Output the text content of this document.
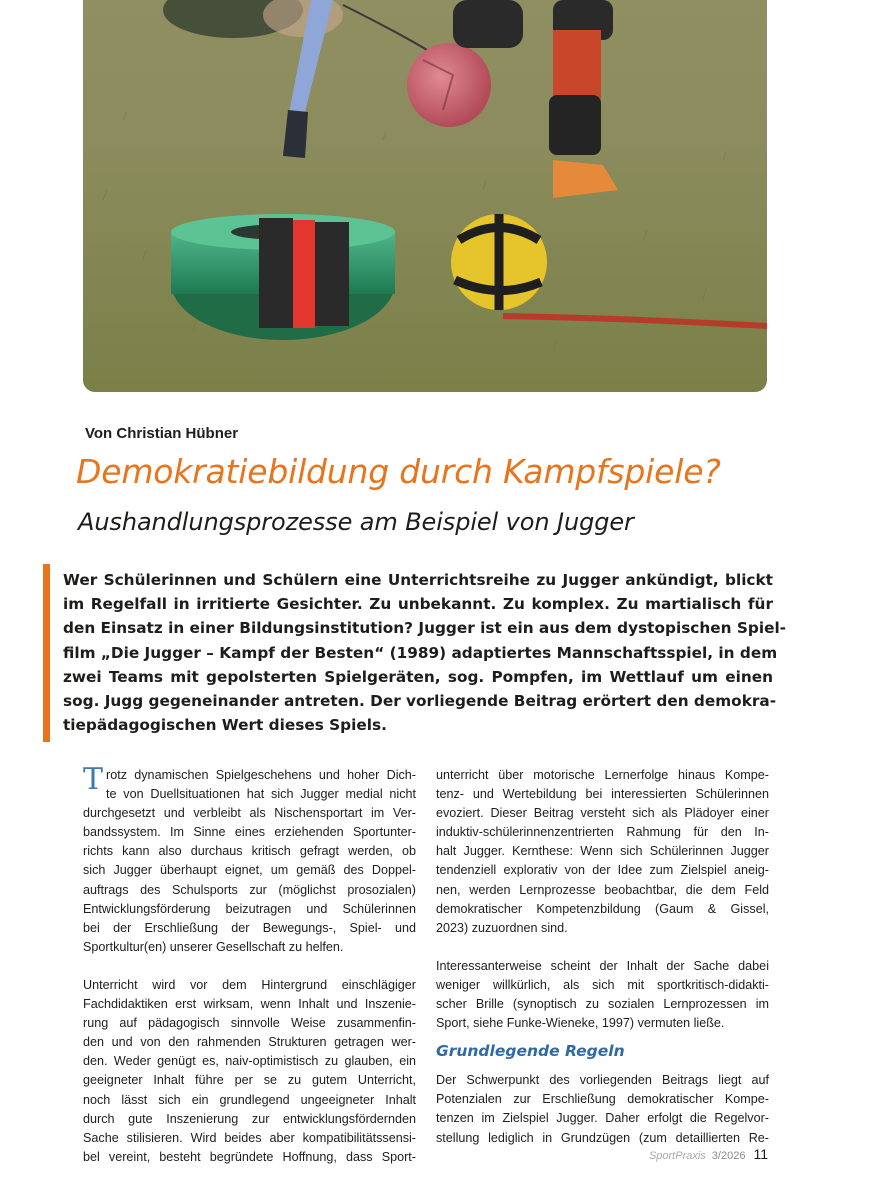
Von Christian Hübner
Demokratiebildung durch Kampfspiele?
Aushandlungsprozesse am Beispiel von Jugger
Wer Schülerinnen und Schülern eine Unterrichtsreihe zu Jugger ankündigt, blickt
im Regelfall in irritierte Gesichter. Zu unbekannt. Zu komplex. Zu martialisch für
den Einsatz in einer Bildungsinstitution? Jugger ist ein aus dem dystopischen Spiel-
film „Die Jugger – Kampf der Besten“ (1989) adaptiertes Mannschaftsspiel, in dem
zwei Teams mit gepolsterten Spielgeräten, sog. Pompfen, im Wettlauf um einen
sog. Jugg gegeneinander antreten. Der vorliegende Beitrag erörtert den demokra-
tiepädagogischen Wert dieses Spiels.
Trotz dynamischen Spielgeschehens und hoher Dich-
te von Duellsituationen hat sich Jugger medial nicht
durchgesetzt und verbleibt als Nischensportart im Ver-
bandssystem. Im Sinne eines erziehenden Sportunter-
richts kann also durchaus kritisch gefragt werden, ob
sich Jugger überhaupt eignet, um gemäß des Doppel-
auftrags des Schulsports zur (möglichst prosozialen)
Entwicklungsförderung beizutragen und Schülerinnen
bei der Erschließung der Bewegungs-, Spiel- und
Sportkultur(en) unserer Gesellschaft zu helfen.
Unterricht wird vor dem Hintergrund einschlägiger
Fachdidaktiken erst wirksam, wenn Inhalt und Inszenie-
rung auf pädagogisch sinnvolle Weise zusammenfin-
den und von den rahmenden Strukturen getragen wer-
den. Weder genügt es, naiv-optimistisch zu glauben, ein
geeigneter Inhalt führe per se zu gutem Unterricht,
noch lässt sich ein grundlegend ungeeigneter Inhalt
durch gute Inszenierung zur entwicklungsfördernden
Sache stilisieren. Wird beides aber kompatibilitätssensi-
bel vereint, besteht begründete Hoffnung, dass Sport-
unterricht über motorische Lernerfolge hinaus Kompe-
tenz- und Wertebildung bei interessierten Schülerinnen
evoziert. Dieser Beitrag versteht sich als Plädoyer einer
induktiv-schülerinnenzentrierten Rahmung für den In-
halt Jugger. Kernthese: Wenn sich Schülerinnen Jugger
tendenziell explorativ von der Idee zum Zielspiel aneig-
nen, werden Lernprozesse beobachtbar, die dem Feld
demokratischer Kompetenzbildung (Gaum & Gissel,
2023) zuzuordnen sind.
Interessanterweise scheint der Inhalt der Sache dabei
weniger willkürlich, als sich mit sportkritisch-didakti-
scher Brille (synoptisch zu sozialen Lernprozessen im
Sport, siehe Funke-Wieneke, 1997) vermuten ließe.
Grundlegende Regeln
Der Schwerpunkt des vorliegenden Beitrags liegt auf
Potenzialen zur Erschließung demokratischer Kompe-
tenzen im Zielspiel Jugger. Daher erfolgt die Regelvor-
stellung lediglich in Grundzügen (zum detaillierten Re-
SportPraxis 3/2026 11
